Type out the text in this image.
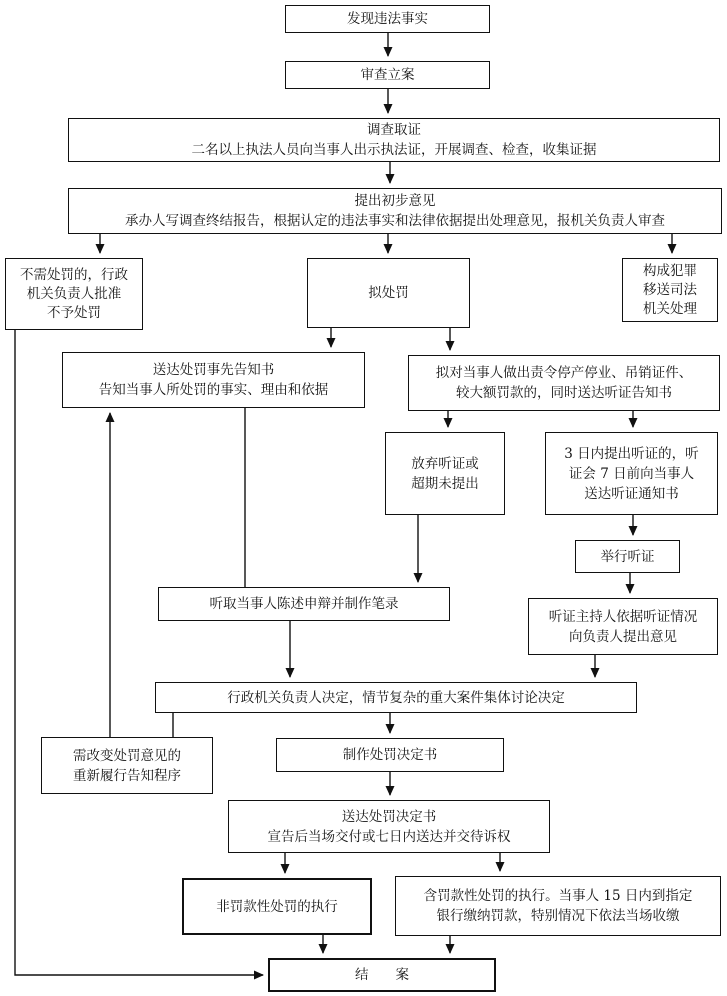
发现违法事实
审查立案
调查取证
二名以上执法人员向当事人出示执法证，开展调查、检查，收集证据
提出初步意见
承办人写调查终结报告，根据认定的违法事实和法律依据提出处理意见，报机关负责人审查
不需处罚的，行政
机关负责人批准
不予处罚
拟处罚
构成犯罪
移送司法
机关处理
送达处罚事先告知书
告知当事人所处罚的事实、理由和依据
拟对当事人做出责令停产停业、吊销证件、
较大额罚款的，同时送达听证告知书
放弃听证或
超期未提出
3 日内提出听证的，听
证会 7 日前向当事人
送达听证通知书
举行听证
听证主持人依据听证情况
向负责人提出意见
听取当事人陈述申辩并制作笔录
行政机关负责人决定，情节复杂的重大案件集体讨论决定
需改变处罚意见的
重新履行告知程序
制作处罚决定书
送达处罚决定书
宣告后当场交付或七日内送达并交待诉权
非罚款性处罚的执行
含罚款性处罚的执行。当事人 15 日内到指定
银行缴纳罚款，特别情况下依法当场收缴
结　　案
